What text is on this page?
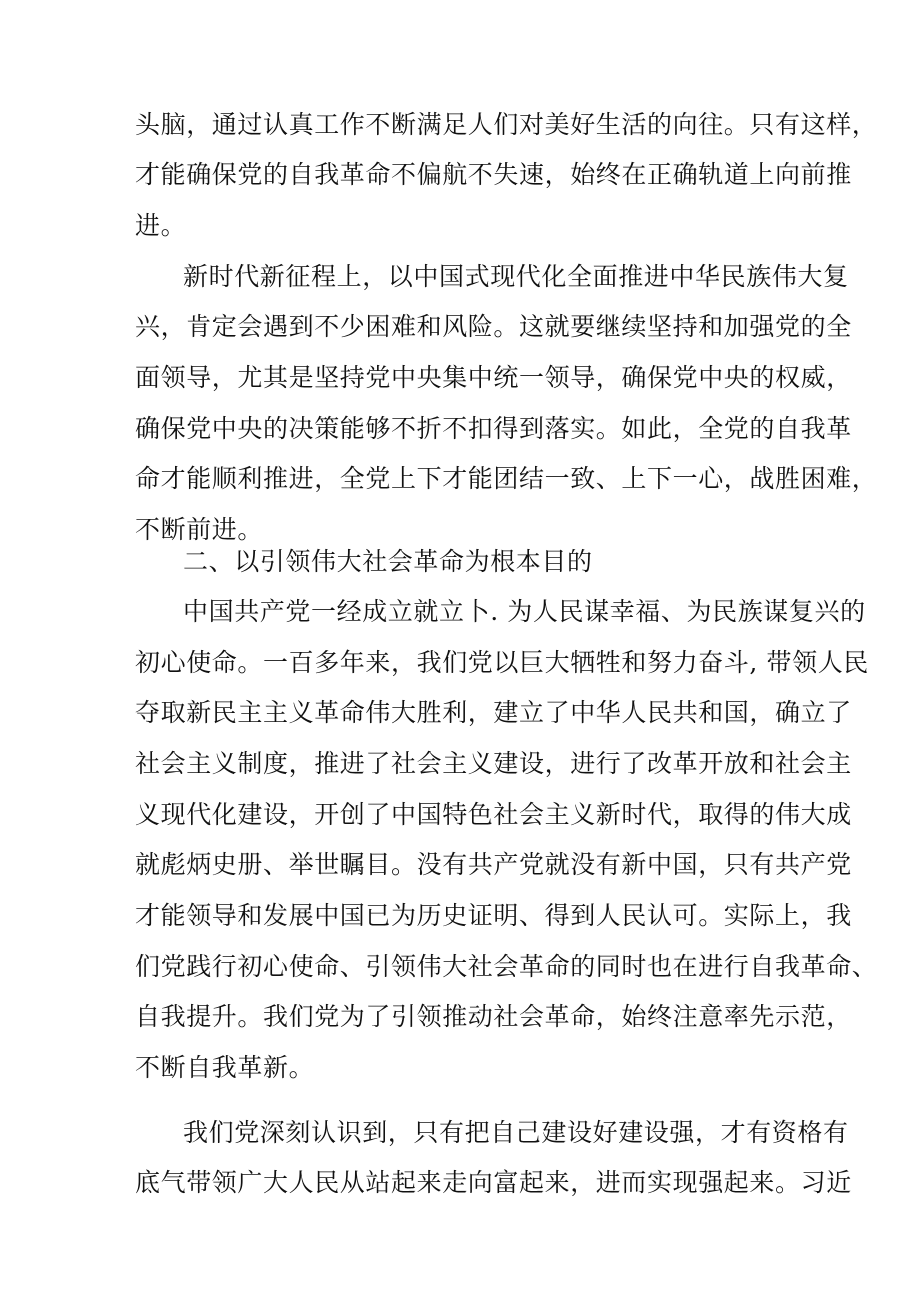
头脑，通过认真工作不断满足人们对美好生活的向往。只有这样，
才能确保党的自我革命不偏航不失速，始终在正确轨道上向前推
进。
新时代新征程上，以中国式现代化全面推进中华民族伟大复
兴，肯定会遇到不少困难和风险。这就要继续坚持和加强党的全
面领导，尤其是坚持党中央集中统一领导，确保党中央的权威，
确保党中央的决策能够不折不扣得到落实。如此，全党的自我革
命才能顺利推进，全党上下才能团结一致、上下一心，战胜困难，
不断前进。
二、以引领伟大社会革命为根本目的
中国共产党一经成立就立卜. 为人民谋幸福、为民族谋复兴的
初心使命。一百多年来，我们党以巨大牺牲和努力奋斗, 带领人民
夺取新民主主义革命伟大胜利，建立了中华人民共和国，确立了
社会主义制度，推进了社会主义建设，进行了改革开放和社会主
义现代化建设，开创了中国特色社会主义新时代，取得的伟大成
就彪炳史册、举世瞩目。没有共产党就没有新中国，只有共产党
才能领导和发展中国已为历史证明、得到人民认可。实际上，我
们党践行初心使命、引领伟大社会革命的同时也在进行自我革命、
自我提升。我们党为了引领推动社会革命，始终注意率先示范，
不断自我革新。
我们党深刻认识到，只有把自己建设好建设强，才有资格有
底气带领广大人民从站起来走向富起来，进而实现强起来。习近
